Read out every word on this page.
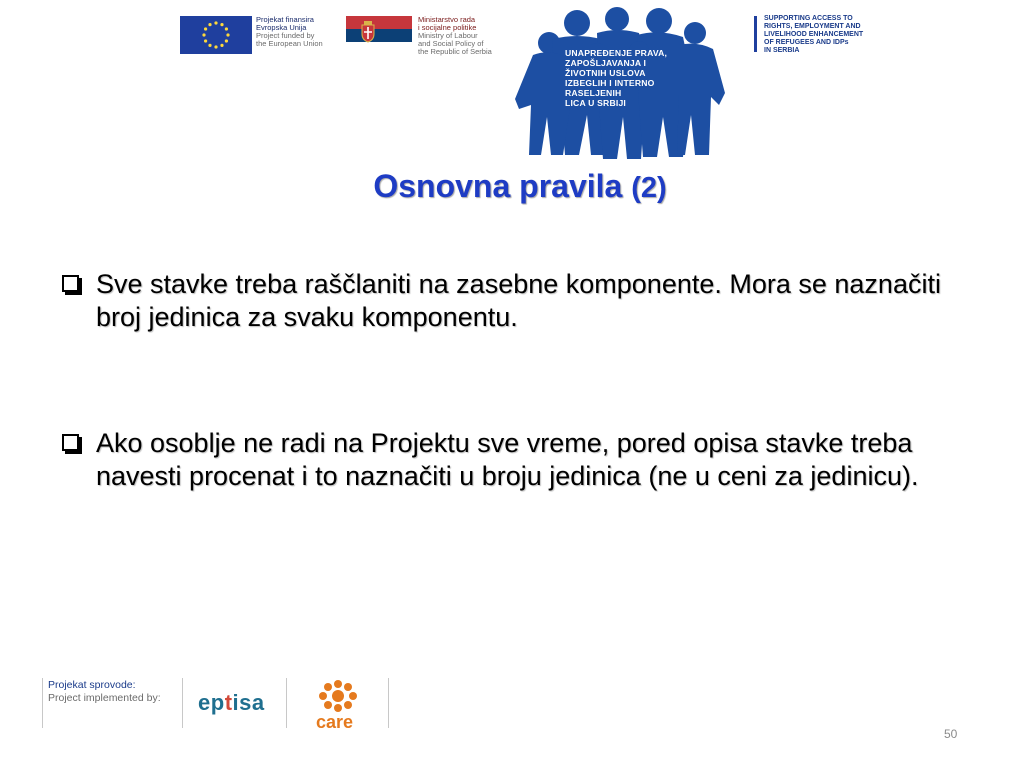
Projekat finansira
Evropska Unija
Project funded by
the European Union
Ministarstvo rada
i socijalne politike
Ministry of Labour
and Social Policy of
the Republic of Serbia	UNAPREĐENJE PRAVA,
ZAPOŠLJAVANJA I
ŽIVOTNIH USLOVA
IZBEGLIH I INTERNO
RASELJENIH
LICA U SRBIJI
SUPPORTING ACCESS TO
RIGHTS, EMPLOYMENT AND
LIVELIHOOD ENHANCEMENT
OF REFUGEES AND IDPs
IN SERBIA
Osnovna pravila (2)
Sve stavke treba raščlaniti na zasebne komponente. Mora se naznačiti broj jedinica za svaku komponentu.
Ako osoblje ne radi na Projektu sve vreme, pored opisa stavke treba navesti procenat i to naznačiti u broju jedinica (ne u ceni za jedinicu).
Projekat sprovode:
Project implemented by: eptisa
care
50
